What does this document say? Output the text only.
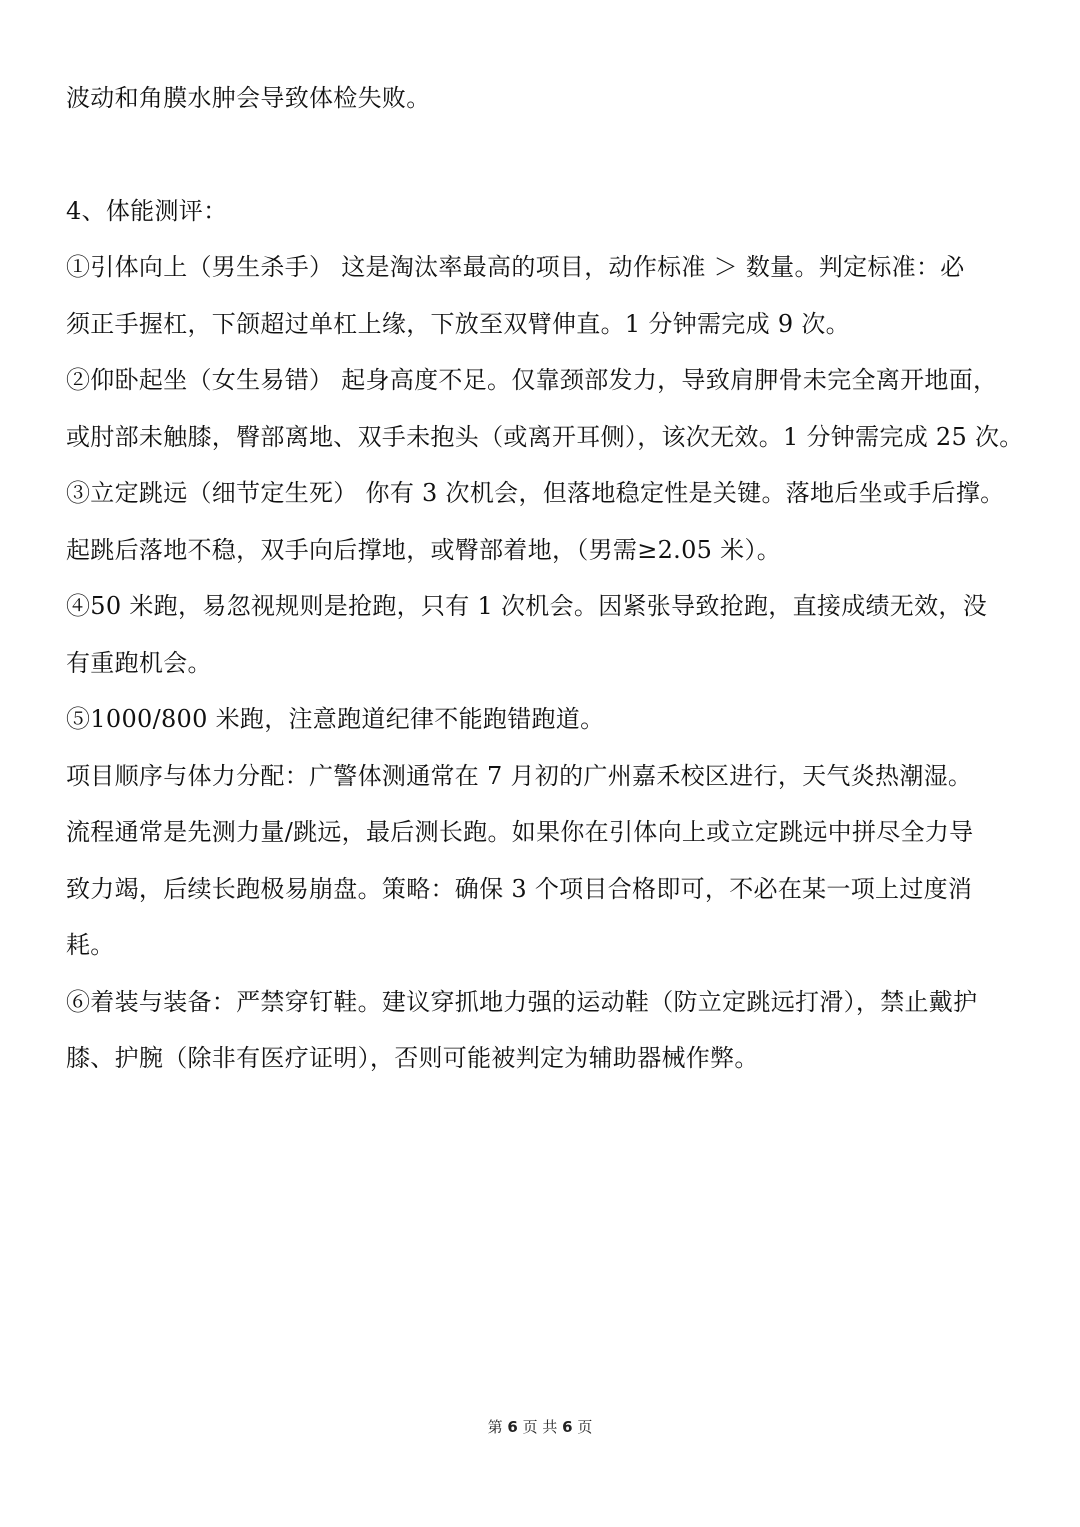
波动和角膜水肿会导致体检失败。
4、体能测评：
①引体向上（男生杀手） 这是淘汰率最高的项目，动作标准 ＞ 数量。判定标准：必
须正手握杠，下颌超过单杠上缘，下放至双臂伸直。1 分钟需完成 9 次。
②仰卧起坐（女生易错） 起身高度不足。仅靠颈部发力，导致肩胛骨未完全离开地面，
或肘部未触膝，臀部离地、双手未抱头（或离开耳侧），该次无效。1 分钟需完成 25 次。
③立定跳远（细节定生死） 你有 3 次机会，但落地稳定性是关键。落地后坐或手后撑。
起跳后落地不稳，双手向后撑地，或臀部着地，（男需≥2.05 米）。
④50 米跑，易忽视规则是抢跑，只有 1 次机会。因紧张导致抢跑，直接成绩无效，没
有重跑机会。
⑤1000/800 米跑，注意跑道纪律不能跑错跑道。
项目顺序与体力分配：广警体测通常在 7 月初的广州嘉禾校区进行，天气炎热潮湿。
流程通常是先测力量/跳远，最后测长跑。如果你在引体向上或立定跳远中拼尽全力导
致力竭，后续长跑极易崩盘。策略：确保 3 个项目合格即可，不必在某一项上过度消
耗。
⑥着装与装备：严禁穿钉鞋。建议穿抓地力强的运动鞋（防立定跳远打滑），禁止戴护
膝、护腕（除非有医疗证明），否则可能被判定为辅助器械作弊。
第 6 页 共 6 页
